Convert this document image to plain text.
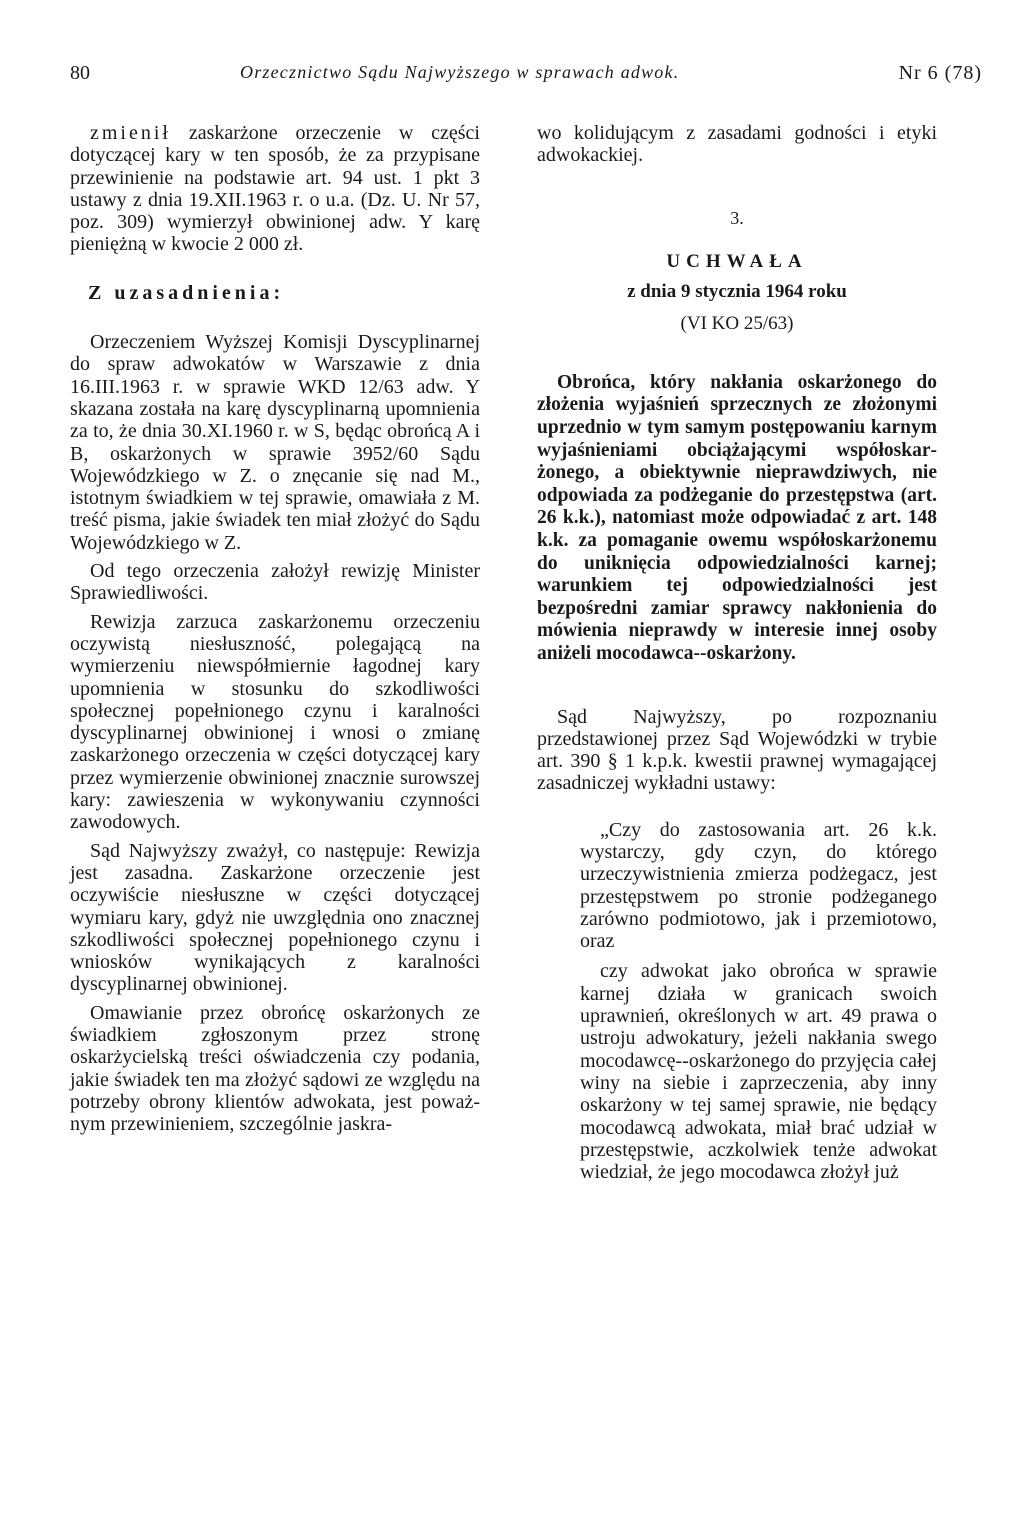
80	Orzecznictwo Sądu Najwyższego w sprawach adwok.	Nr 6 (78)

zmienił zaskarżone orzeczenie w części dotyczącej kary w ten sposób, że za przypisane przewinienie na podstawie art. 94 ust. 1 pkt 3 ustawy z dnia 19.XII.1963 r. o u.a. (Dz. U. Nr 57, poz. 309) wymierzył obwinionej adw. Y karę pieniężną w kwocie 2 000 zł.

Z uzasadnienia:

Orzeczeniem Wyższej Komisji Dyscyplinarnej do spraw adwokatów w Warszawie z dnia 16.III.1963 r. w sprawie WKD 12/63 adw. Y skazana została na karę dyscyplinarną upomnienia za to, że dnia 30.XI.1960 r. w S, będąc obrońcą A i B, oskarżonych w sprawie 3952/60 Sądu Wojewódzkiego w Z. o znęcanie się nad M., istotnym świadkiem w tej sprawie, omawiała z M. treść pisma, jakie świadek ten miał złożyć do Sądu Wojewódzkiego w Z.

Od tego orzeczenia założył rewizję Minister Sprawiedliwości.

Rewizja zarzuca zaskarżonemu orzeczeniu oczywistą niesłuszność, polegającą na wymierzeniu niewspółmiernie łagodnej kary upomnienia w stosunku do szkodliwości społecznej popełnionego czynu i karalności dyscyplinarnej obwinionej i wnosi o zmianę zaskarżonego orzeczenia w części dotyczącej kary przez wymierzenie obwinionej znacznie surowszej kary: zawieszenia w wykonywaniu czynności zawodowych.

Sąd Najwyższy zważył, co następuje: Rewizja jest zasadna. Zaskarżone orzeczenie jest oczywiście niesłuszne w części dotyczącej wymiaru kary, gdyż nie uwzględnia ono znacznej szkodliwości społecznej popełnionego czynu i wniosków wynikających z karalności dyscyplinarnej obwinionej.

Omawianie przez obrońcę oskarżonych ze świadkiem zgłoszonym przez stronę oskarżycielską treści oświadczenia czy podania, jakie świadek ten ma złożyć sądowi ze względu na potrzeby obrony klientów adwokata, jest poważnym przewinieniem, szczególnie jaskra-

wo kolidującym z zasadami godności i etyki adwokackiej.

3.

UCHWAŁA

z dnia 9 stycznia 1964 roku

(VI KO 25/63)

Obrońca, który nakłania oskarżonego do złożenia wyjaśnień sprzecznych ze złożonymi uprzednio w tym samym postępowaniu karnym wyjaśnieniami obciążającymi współoskarżonego, a obiektywnie nieprawdziwych, nie odpowiada za podżeganie do przestępstwa (art. 26 k.k.), natomiast może odpowiadać z art. 148 k.k. za pomaganie owemu współoskarżonemu do uniknięcia odpowiedzialności karnej; warunkiem tej odpowiedzialności jest bezpośredni zamiar sprawcy nakłonienia do mówienia nieprawdy w interesie innej osoby aniżeli mocodawca--oskarżony.

Sąd Najwyższy, po rozpoznaniu przedstawionej przez Sąd Wojewódzki w trybie art. 390 § 1 k.p.k. kwestii prawnej wymagającej zasadniczej wykładni ustawy:

„Czy do zastosowania art. 26 k.k. wystarczy, gdy czyn, do którego urzeczywistnienia zmierza podżegacz, jest przestępstwem po stronie podżeganego zarówno podmiotowo, jak i przemiotowo, oraz

czy adwokat jako obrońca w sprawie karnej działa w granicach swoich uprawnień, określonych w art. 49 prawa o ustroju adwokatury, jeżeli nakłania swego mocodawcę--oskarżonego do przyjęcia całej winy na siebie i zaprzeczenia, aby inny oskarżony w tej samej sprawie, nie będący mocodawcą adwokata, miał brać udział w przestępstwie, aczkolwiek tenże adwokat wiedział, że jego mocodawca złożył już
